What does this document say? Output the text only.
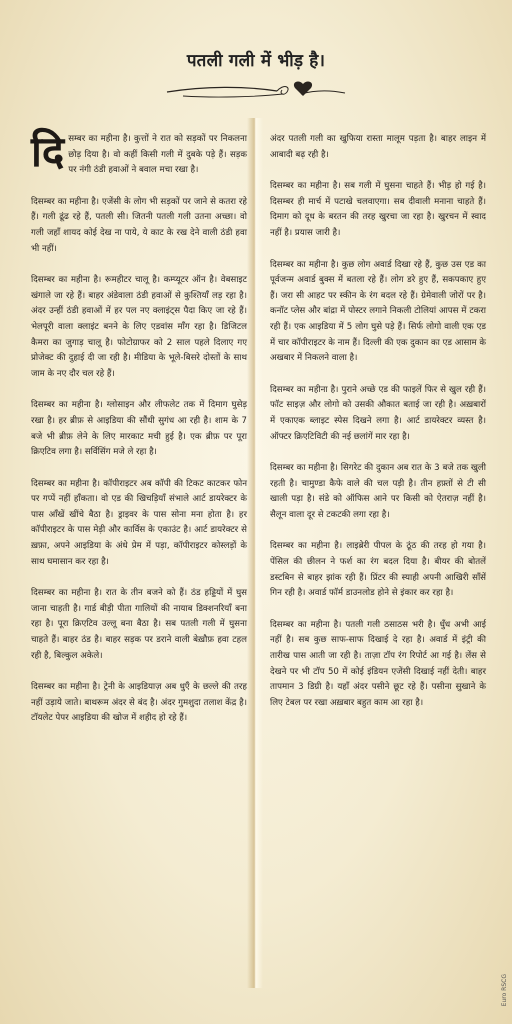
पतली गली में भीड़ है।

दिसम्बर का महीना है। कुत्तों ने रात को सड़कों पर निकलना छोड़ दिया है। वो कहीं किसी गली में दुबके पड़े हैं। सड़क पर नंगी ठंडी हवाओं ने बवाल मचा रखा है।

दिसम्बर का महीना है। एजेंसी के लोग भी सड़कों पर जाने से कतरा रहे हैं। गली ढूंढ रहे हैं, पतली सी। जितनी पतली गली उतना अच्छा। वो गली जहाँ शायद कोई देख ना पाये, ये काट के रख देने वाली ठंडी हवा भी नहीं।

दिसम्बर का महीना है। रूमहीटर चालू है। कम्प्यूटर ऑन है। वेबसाइट खंगाले जा रहे हैं। बाहर अंडेवाला ठंडी हवाओं से कुश्तियाँ लड़ रहा है। अंदर उन्हीं ठंडी हवाओं में हर पल नए क्लाइंट्स पैदा किए जा रहे हैं। भेलपूरी वाला क्लाइंट बनने के लिए एडवांस माँग रहा है। डिजिटल कैमरा का जुगाड़ चालू है। फोटोग्राफर को 2 साल पहले दिलाए गए प्रोजेक्ट की दुहाई दी जा रही है। मीडिया के भूले-बिसरे दोस्तों के साथ जाम के नए दौर चल रहे हैं।

दिसम्बर का महीना है। ग्लोसाइन और लीफलेट तक में दिमाग घुसेड़ रखा है। हर ब्रीफ़ से आइडिया की सौंधी सुगंध आ रही है। शाम के 7 बजे भी ब्रीफ़ लेने के लिए मारकाट मची हुई है। एक ब्रीफ़ पर पूरा क्रिएटिव लगा है। सर्विसिंग मजे ले रहा है।

दिसम्बर का महीना है। कॉपीराइटर अब कॉपी की टिकट काटकर फोन पर गप्पें नहीं हाँकता। वो एड की खिचड़ियाँ संभाले आर्ट डायरेक्टर के पास आँखें खींचे बैठा है। ड्राइवर के पास सोना मना होता है। हर कॉपीराइटर के पास मेड़ी और कार्विस के एकाउंट है। आर्ट डायरेक्टर से ख़फ़ा, अपने आइडिया के अंधे प्रेम में पड़ा, कॉपीराइटर कोस्लड़ों के साथ घमासान कर रहा है।

दिसम्बर का महीना है। रात के तीन बजने को हैं। ठंड हड्डियों में घुस जाना चाहती है। गार्ड बीड़ी पीता गालियों की नायाब डिक्शनरियाँ बना रहा है। पूरा क्रिएटिव उल्लू बना बैठा है। सब पतली गली में घुसना चाहते हैं। बाहर ठंड है। बाहर सड़क पर डराने वाली बेख़ौफ़ हवा टहल रही है, बिल्कुल अकेले।

दिसम्बर का महीना है। ट्रेनी के आइडियाज़ अब धुएँ के छल्ले की तरह नहीं उड़ाये जाते। बाथरूम अंदर से बंद है। अंदर गुमशुदा तलाश केंद्र है। टॉयलेट पेपर आइडिया की खोज में शहीद हो रहे हैं।

अंदर पतली गली का खुफिया रास्ता मालूम पड़ता है। बाहर लाइन में आबादी बढ़ रही है।

दिसम्बर का महीना है। सब गली में घुसना चाहते हैं। भीड़ हो गई है। दिसम्बर ही मार्च में पटाखे चलवाएगा। सब दीवाली मनाना चाहते हैं। दिमाग को दूध के बरतन की तरह खुरचा जा रहा है। खुरचन में स्वाद नहीं है। प्रयास जारी है।

दिसम्बर का महीना है। कुछ लोग अवार्ड दिखा रहे हैं, कुछ उस एड का पूर्वजन्म अवार्ड बुक्स में बतला रहे हैं। लोग डरे हुए हैं, सकपकाए हुए हैं। जरा सी आहट पर स्कीन के रंग बदल रहे हैं। ग्रेमेवाली जोरों पर है। कनॉट प्लेस और बांद्रा में पोस्टर लगाने निकली टोलियां आपस में टकरा रही हैं। एक आइडिया में 5 लोग घुसे पड़े हैं। सिर्फ लोगो वाली एक एड में चार कॉपीराइटर के नाम हैं। दिल्ली की एक दुकान का एड आसाम के अखबार में निकलने वाला है।

दिसम्बर का महीना है। पुराने अच्छे एड की फाइलें फिर से खुल रही हैं। फॉट साइज़ और लोगो को उसकी औकात बताई जा रही है। अख़बारों में एकाएक ब्लाइट स्पेस दिखने लगा है। आर्ट डायरेक्टर व्यस्त है। ऑफ्टर क्रिएटिविटी की नई छलांगें मार रहा है।

दिसम्बर का महीना है। सिगरेट की दुकान अब रात के 3 बजे तक खुली रहती है। चामुण्डा कैफे वाले की चल पड़ी है। तीन हफ़्तों से टी सी खाली पड़ा है। संडे को ऑफिस आने पर किसी को ऐतराज़ नहीं है। सैलून वाला दूर से टकटकी लगा रहा है।

दिसम्बर का महीना है। लाइब्रेरी पीपल के ठूंठ की तरह हो गया है। पेंसिल की छीलन ने फर्श का रंग बदल दिया है। बीयर की बोतलें डस्टबिन से बाहर झांक रही हैं। प्रिंटर की स्याही अपनी आखिरी साँसें गिन रही है। अवार्ड फॉर्म डाउनलोड होने से इंकार कर रहा है।

दिसम्बर का महीना है। पतली गली ठसाठस भरी है। धुँध अभी आई नहीं है। सब कुछ साफ-साफ दिखाई दे रहा है। अवार्ड में इंट्री की तारीख पास आती जा रही है। ताज़ा टॉप रंग रिपोर्ट आ गई है। लेंस से देखने पर भी टॉप 50 में कोई इंडियन एजेंसी दिखाई नहीं देती। बाहर तापमान 3 डिग्री है। यहाँ अंदर पसीने छूट रहे हैं। पसीना सुखाने के लिए टेबल पर रखा अख़बार बहुत काम आ रहा है।

Euro RSCG
